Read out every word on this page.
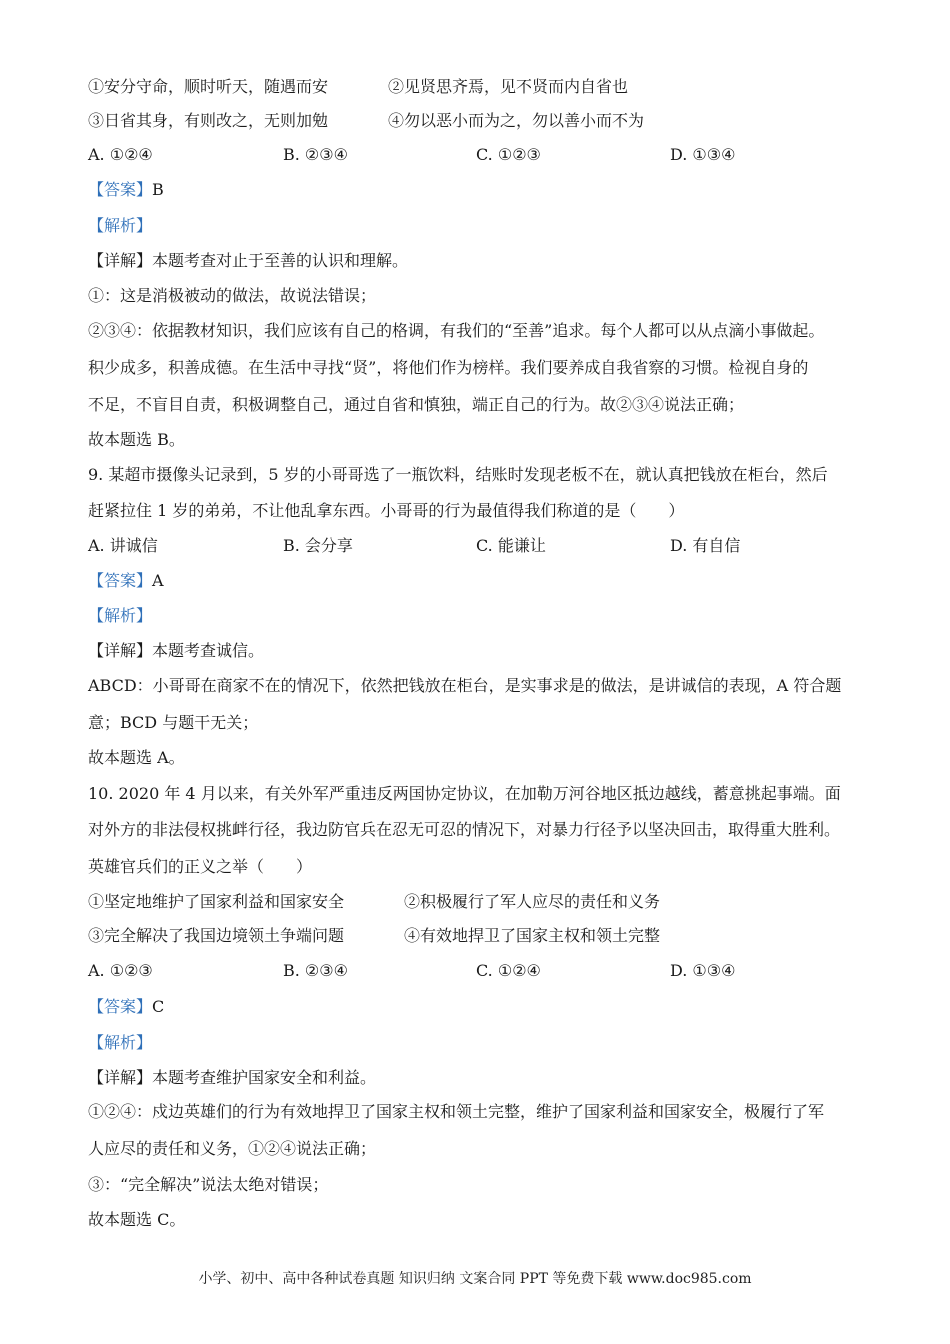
①安分守命，顺时听天，随遇而安	②见贤思齐焉，见不贤而内自省也
③日省其身，有则改之，无则加勉	④勿以恶小而为之，勿以善小而不为
A. ①②④	B. ②③④	C. ①②③	D. ①③④
【答案】B
【解析】
【详解】本题考查对止于至善的认识和理解。
①：这是消极被动的做法，故说法错误；
②③④：依据教材知识，我们应该有自己的格调，有我们的“至善”追求。每个人都可以从点滴小事做起。
积少成多，积善成德。在生活中寻找“贤”，将他们作为榜样。我们要养成自我省察的习惯。检视自身的
不足，不盲目自责，积极调整自己，通过自省和慎独，端正自己的行为。故②③④说法正确；
故本题选 B。
9. 某超市摄像头记录到，5 岁的小哥哥选了一瓶饮料，结账时发现老板不在，就认真把钱放在柜台，然后
赶紧拉住 1 岁的弟弟，不让他乱拿东西。小哥哥的行为最值得我们称道的是（　　）
A. 讲诚信	B. 会分享	C. 能谦让	D. 有自信
【答案】A
【解析】
【详解】本题考查诚信。
ABCD：小哥哥在商家不在的情况下，依然把钱放在柜台，是实事求是的做法，是讲诚信的表现，A 符合题
意；BCD 与题干无关；
故本题选 A。
10. 2020 年 4 月以来，有关外军严重违反两国协定协议，在加勒万河谷地区抵边越线，蓄意挑起事端。面
对外方的非法侵权挑衅行径，我边防官兵在忍无可忍的情况下，对暴力行径予以坚决回击，取得重大胜利。
英雄官兵们的正义之举（　　）
①坚定地维护了国家利益和国家安全	②积极履行了军人应尽的责任和义务
③完全解决了我国边境领土争端问题	④有效地捍卫了国家主权和领土完整
A. ①②③	B. ②③④	C. ①②④	D. ①③④
【答案】C
【解析】
【详解】本题考查维护国家安全和利益。
①②④：戍边英雄们的行为有效地捍卫了国家主权和领土完整，维护了国家利益和国家安全，极履行了军
人应尽的责任和义务，①②④说法正确；
③：“完全解决”说法太绝对错误；
故本题选 C。
小学、初中、高中各种试卷真题 知识归纳 文案合同 PPT 等免费下载 www.doc985.com
